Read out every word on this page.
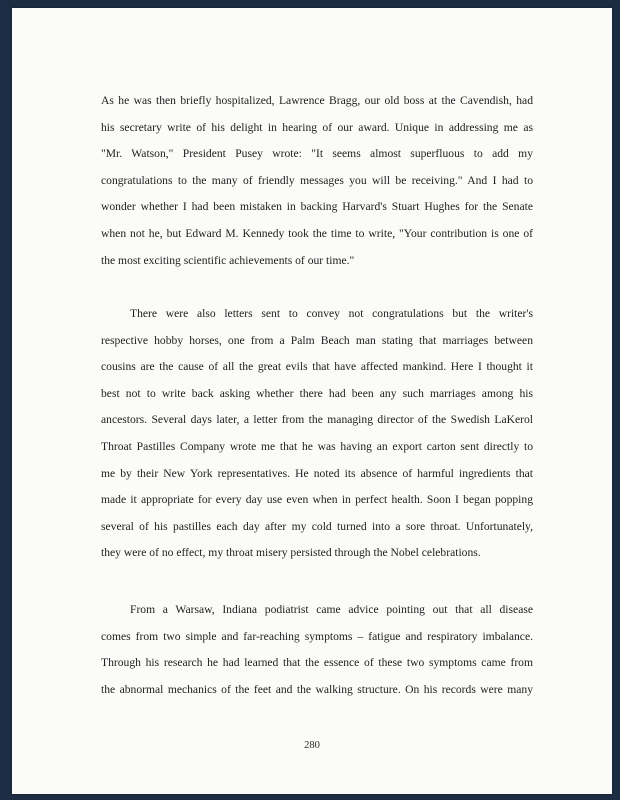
As he was then briefly hospitalized, Lawrence Bragg, our old boss at the Cavendish, had
his secretary write of his delight in hearing of our award. Unique in addressing me as
"Mr. Watson," President Pusey wrote: "It seems almost superfluous to add my
congratulations to the many of friendly messages you will be receiving." And I had to
wonder whether I had been mistaken in backing Harvard's Stuart Hughes for the Senate
when not he, but Edward M. Kennedy took the time to write, "Your contribution is one of
the most exciting scientific achievements of our time."
There were also letters sent to convey not congratulations but the writer's
respective hobby horses, one from a Palm Beach man stating that marriages between
cousins are the cause of all the great evils that have affected mankind. Here I thought it
best not to write back asking whether there had been any such marriages among his
ancestors. Several days later, a letter from the managing director of the Swedish LaKerol
Throat Pastilles Company wrote me that he was having an export carton sent directly to
me by their New York representatives. He noted its absence of harmful ingredients that
made it appropriate for every day use even when in perfect health. Soon I began popping
several of his pastilles each day after my cold turned into a sore throat. Unfortunately,
they were of no effect, my throat misery persisted through the Nobel celebrations.
From a Warsaw, Indiana podiatrist came advice pointing out that all disease
comes from two simple and far-reaching symptoms – fatigue and respiratory imbalance.
Through his research he had learned that the essence of these two symptoms came from
the abnormal mechanics of the feet and the walking structure. On his records were many
280
